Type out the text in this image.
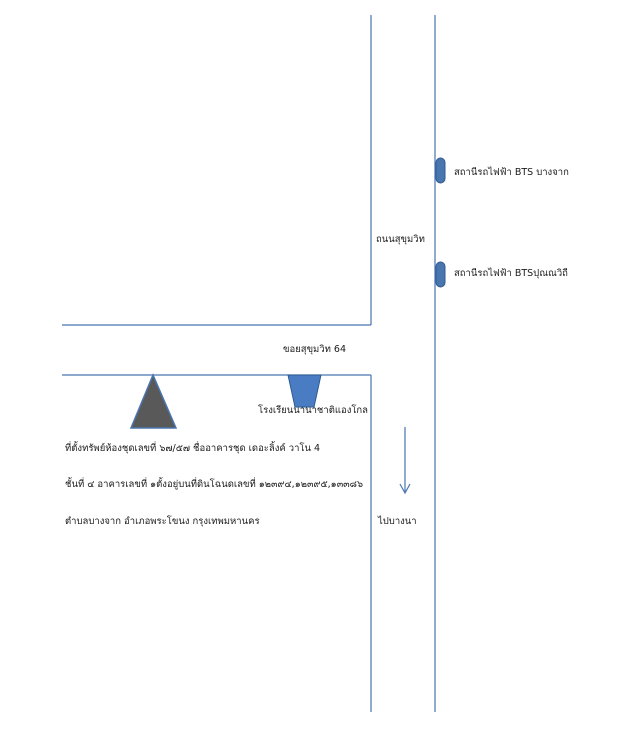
สถานีรถไฟฟ้า BTS บางจาก
สถานีรถไฟฟ้า BTSปุณณวิถี
ถนนสุขุมวิท
ขอยสุขุมวิท 64
โรงเรียนนานาชาติแองโกล
ไปบางนา
ที่ตั้งทรัพย์ห้องชุดเลขที่ ๖๗/๕๗ ชื่ออาคารชุด เดอะลิ้งค์ วาโน 4
ชั้นที่ ๔ อาคารเลขที่ ๑ตั้งอยู่บนที่ดินโฉนดเลขที่ ๑๒๓๙๔,๑๒๓๙๕,๑๓๓๘๖
ตำบลบางจาก อำเภอพระโขนง กรุงเทพมหานคร
